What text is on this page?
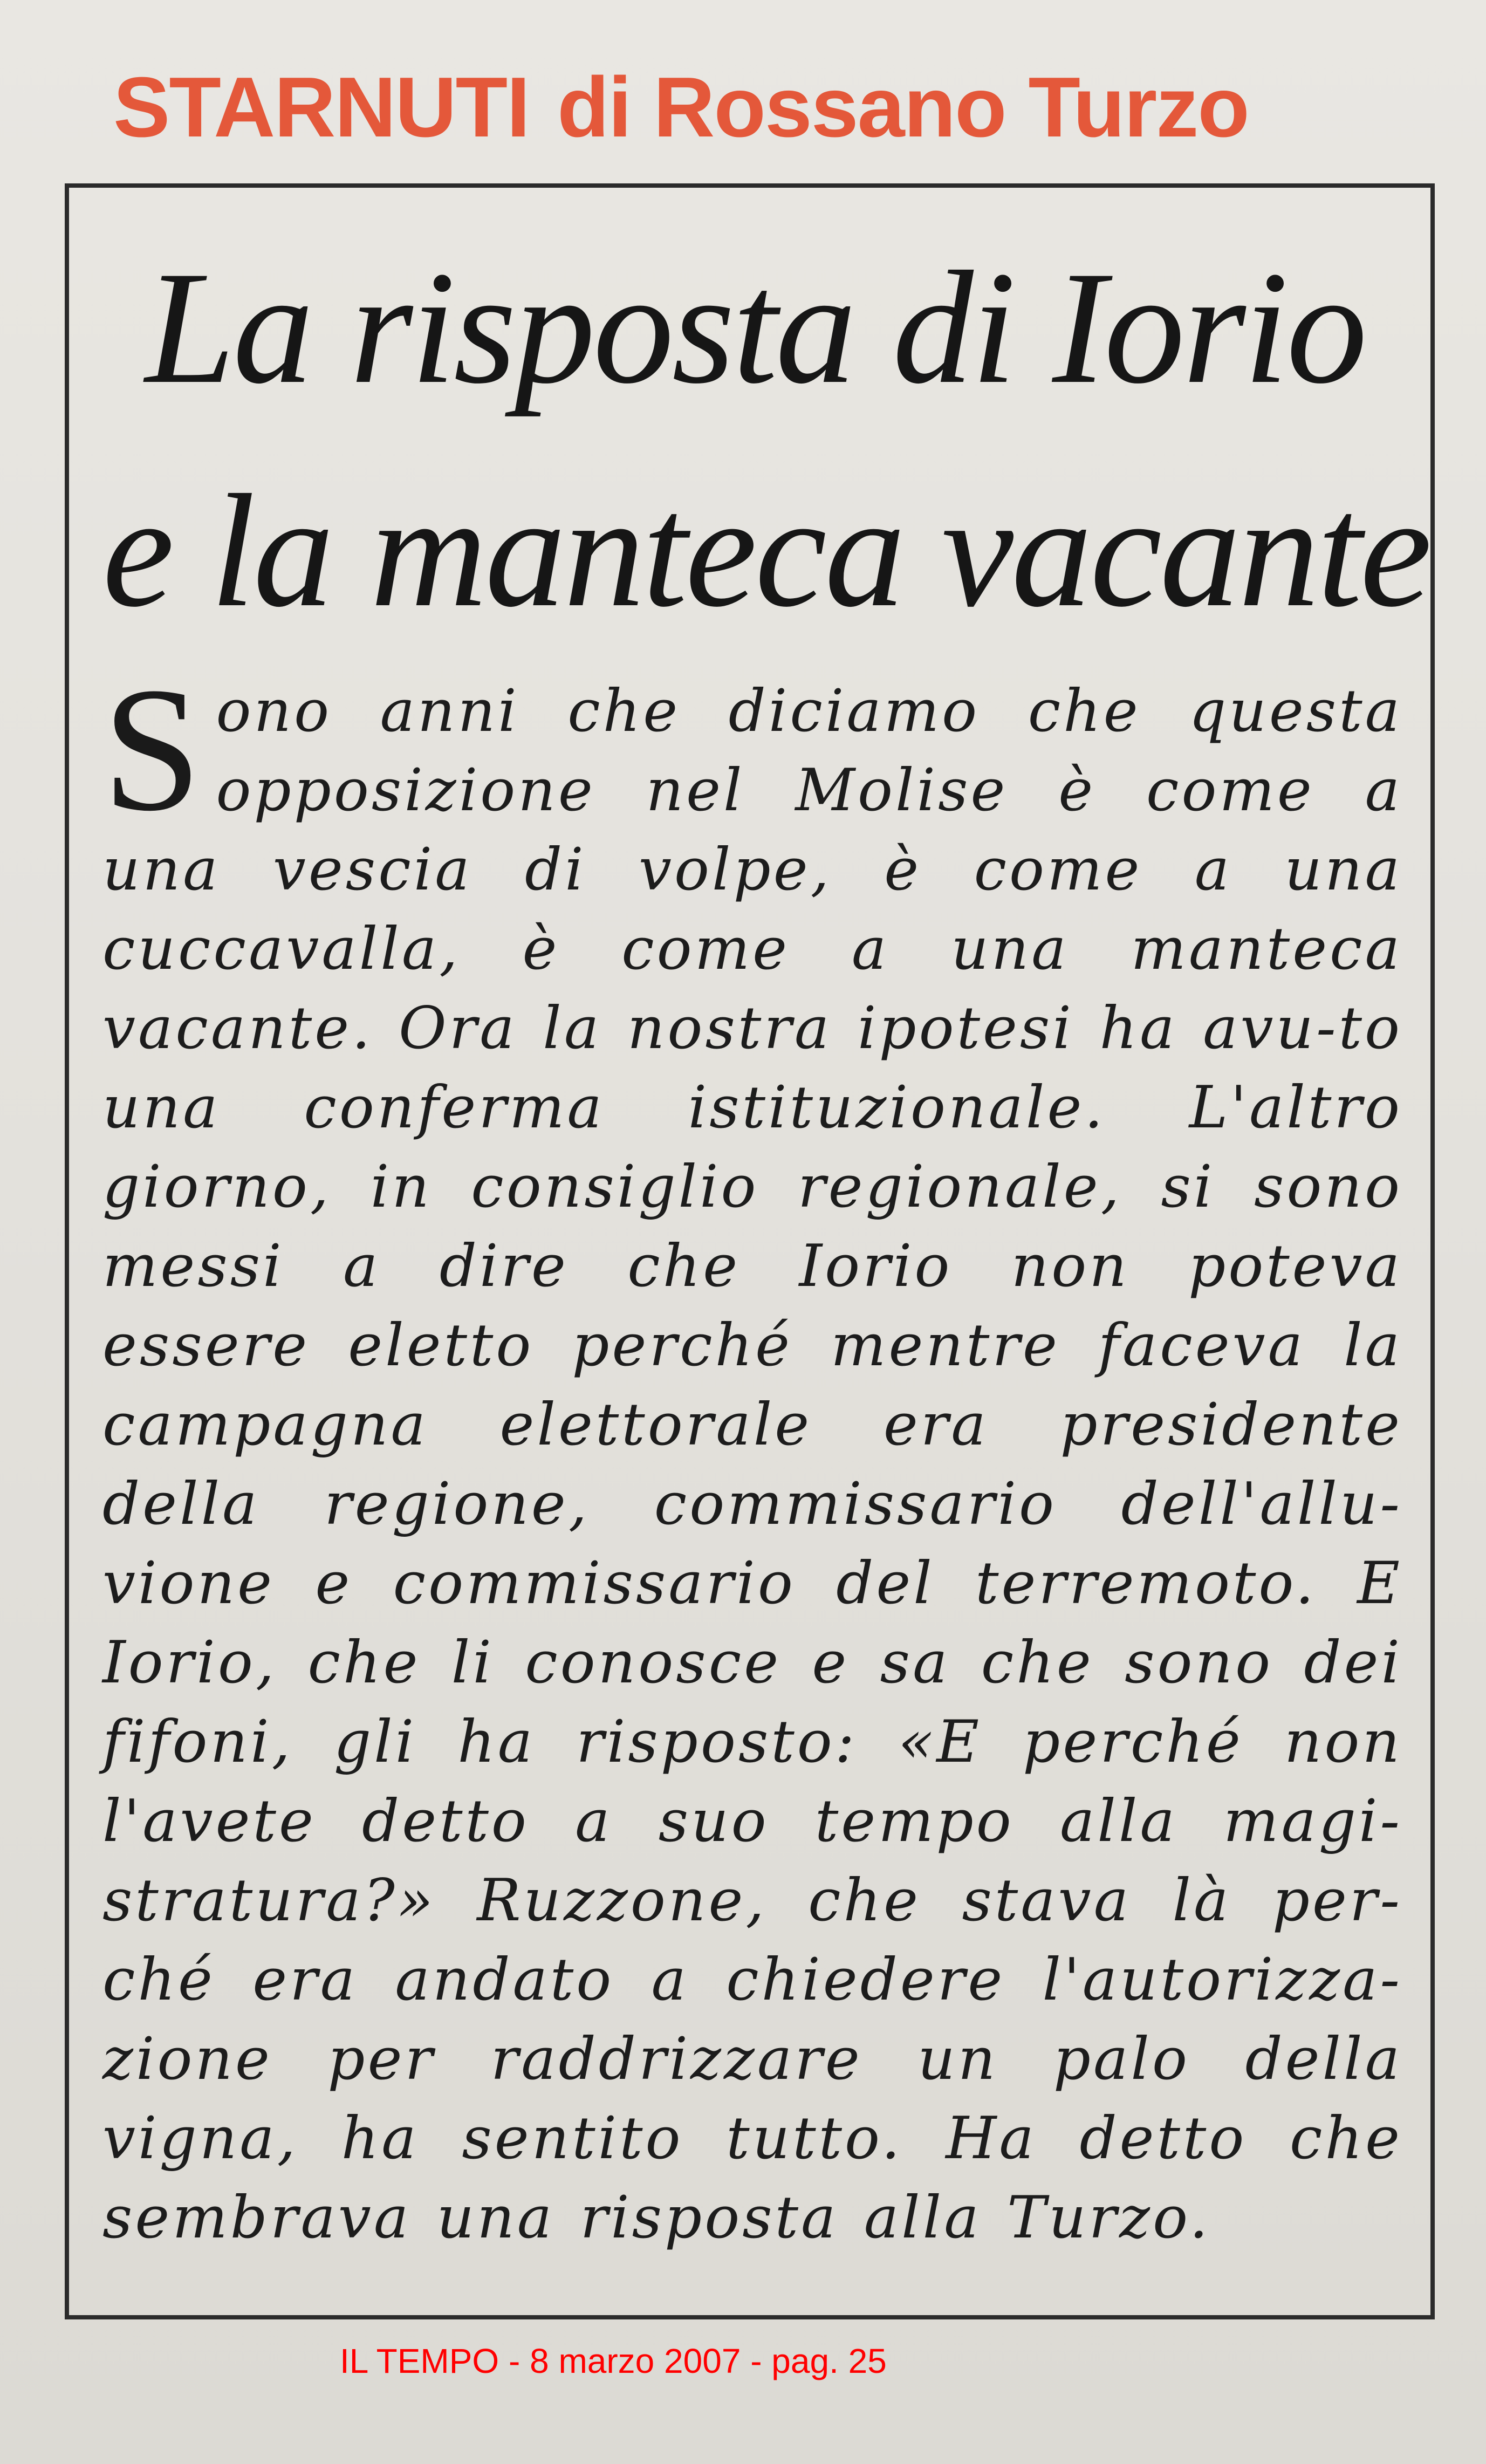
STARNUTI di Rossano Turzo
La risposta di Iorio
e la manteca vacante
S ono anni che diciamo che questa opposizione nel Molise è come a una vescia di volpe, è come a una cuccavalla, è come a una manteca vacante. Ora la nostra ipotesi ha avu-to una conferma istituzionale. L'altro giorno, in consiglio regionale, si sono messi a dire che Iorio non poteva essere eletto perché mentre faceva la campagna elettorale era presidente della regione, commissario dell'allu-vione e commissario del terremoto. E Iorio, che li conosce e sa che sono dei fifoni, gli ha risposto: «E perché non l'avete detto a suo tempo alla magi-stratura?» Ruzzone, che stava là per-ché era andato a chiedere l'autorizza-zione per raddrizzare un palo della vigna, ha sentito tutto. Ha detto che sembrava una risposta alla Turzo.
IL TEMPO - 8 marzo 2007 - pag. 25
